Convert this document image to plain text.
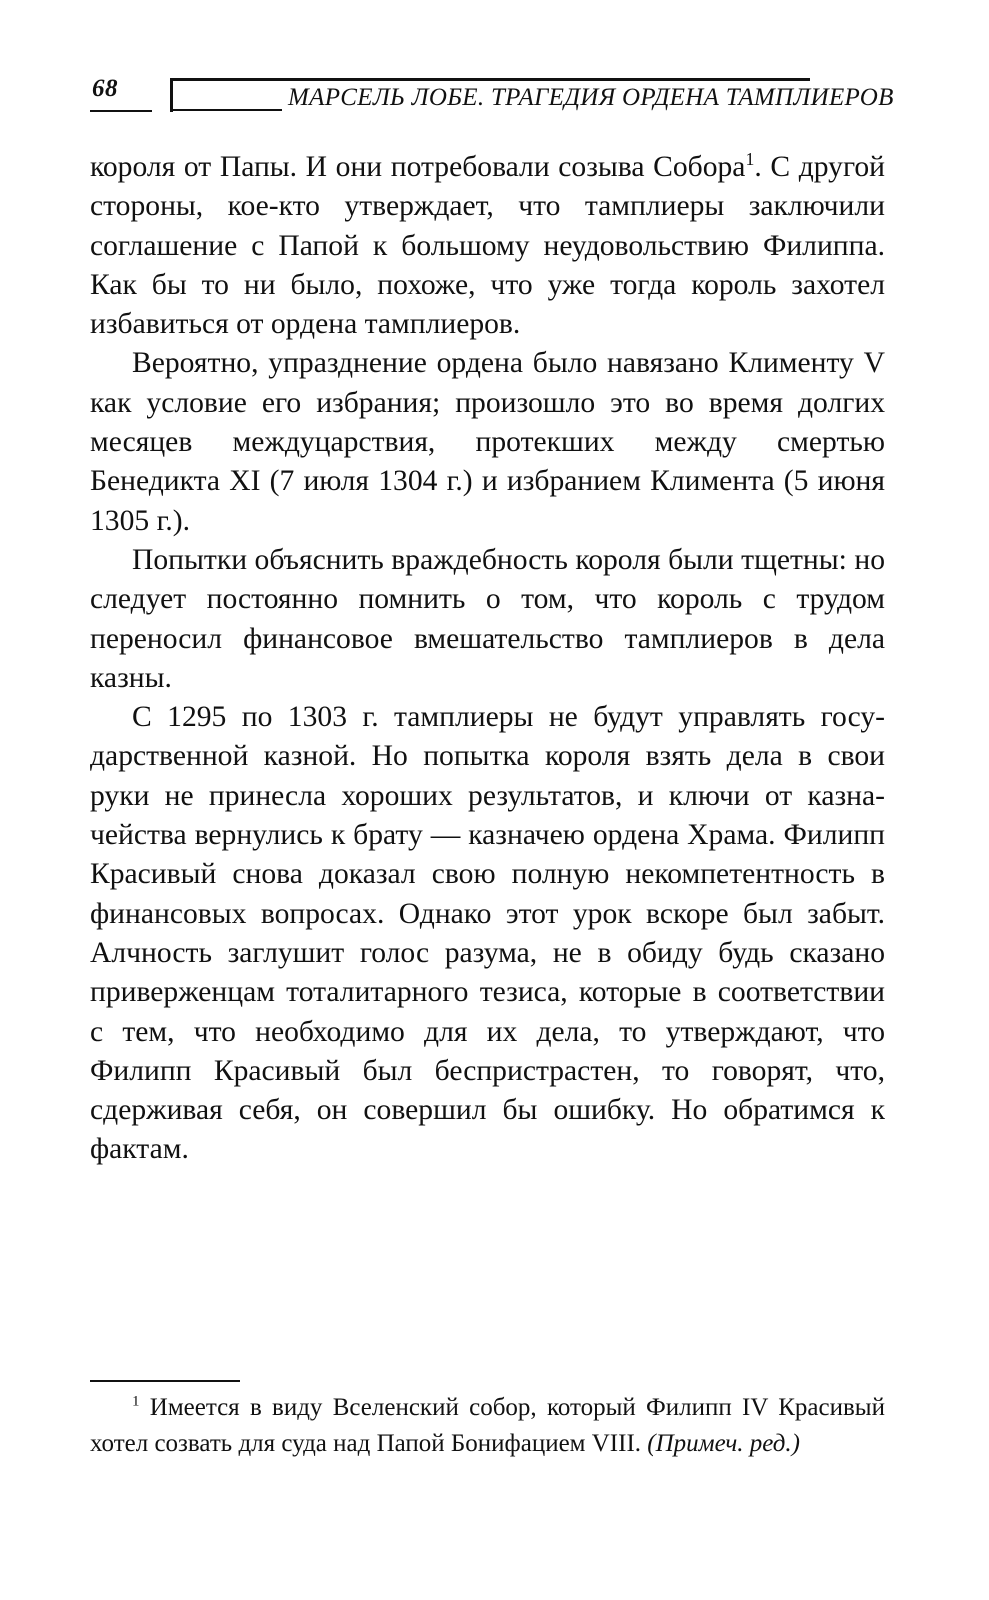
68	МАРСЕЛЬ ЛОБЕ. ТРАГЕДИЯ ОРДЕНА ТАМПЛИЕРОВ

короля от Папы. И они потребовали созыва Собора$^1$. С другой стороны, кое-кто утверждает, что тамплиеры заключили соглашение с Папой к большому неудовольствию Филиппа. Как бы то ни было, похоже, что уже тогда король захотел избавиться от ордена тамплиеров.

Вероятно, упразднение ордена было навязано Клименту V как условие его избрания; произошло это во время долгих месяцев междуцарствия, протекших между смертью Бенедикта XI (7 июля 1304 г.) и избранием Климента (5 июня 1305 г.).

Попытки объяснить враждебность короля были тщетны: но следует постоянно помнить о том, что король с трудом переносил финансовое вмешательство тамплиеров в дела казны.

С 1295 по 1303 г. тамплиеры не будут управлять государственной казной. Но попытка короля взять дела в свои руки не принесла хороших результатов, и ключи от казначейства вернулись к брату — казначею ордена Храма. Филипп Красивый снова доказал свою полную некомпетентность в финансовых вопросах. Однако этот урок вскоре был забыт. Алчность заглушит голос разума, не в обиду будь сказано приверженцам тоталитарного тезиса, которые в соответствии с тем, что необходимо для их дела, то утверждают, что Филипп Красивый был беспристрастен, то говорят, что, сдерживая себя, он совершил бы ошибку. Но обратимся к фактам.

$^1$ Имеется в виду Вселенский собор, который Филипп IV Красивый хотел созвать для суда над Папой Бонифацием VIII. (Примеч. ред.)
